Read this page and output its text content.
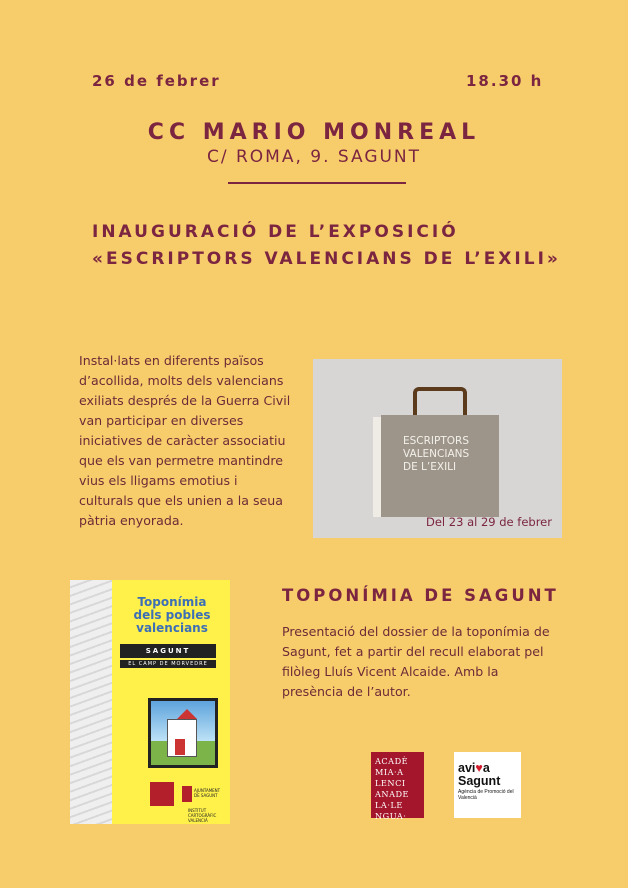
26 de febrer	18.30 h
CC MARIO MONREAL
C/ ROMA, 9. SAGUNT
INAUGURACIÓ DE L’EXPOSICIÓ
«ESCRIPTORS VALENCIANS DE L’EXILI»
Instal·lats en diferents països d’acollida, molts dels valencians exiliats després de la Guerra Civil van participar en diverses iniciatives de caràcter associatiu que els van permetre mantindre vius els lligams emotius i culturals que els unien a la seua pàtria enyorada.
ESCRIPTORS
VALENCIANS
DE L’EXILI
Del 23 al 29 de febrer
Toponímia
dels pobles
valencians
SAGUNT
EL CAMP DE MORVEDRE
AJUNTAMENT DE SAGUNT
INSTITUT CARTOGRÀFIC VALENCIÀ
TOPONÍMIA DE SAGUNT
Presentació del dossier de la toponímia de Sagunt, fet a partir del recull elaborat pel filòleg Lluís Vicent Alcaide. Amb la presència de l’autor.
ACADÈ
MIA·A
LENCI
ANADE
LA·LE
NGUA·
avi♥a
Sagunt
Agència de Promoció del Valencià
